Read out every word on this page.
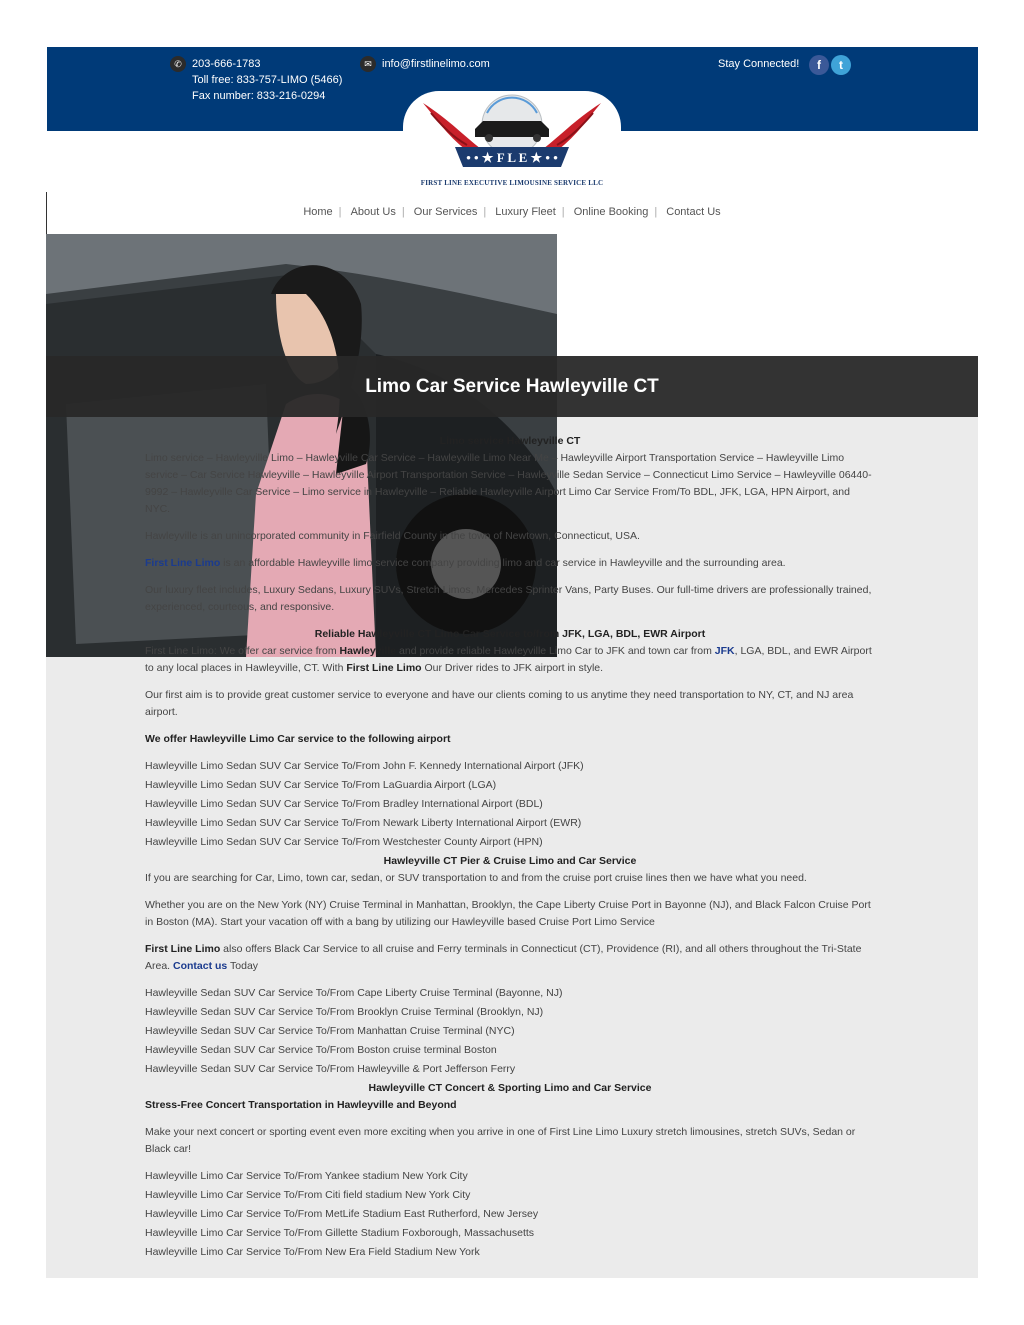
✆ 203-666-1783
Toll free: 833-757-LIMO (5466)
Fax number: 833-216-0294
✉ info@firstlinelimo.com	Stay Connected!	f	t
• • ★ F L E ★ • •
FIRST LINE EXECUTIVE LIMOUSINE SERVICE LLC
Home | About Us | Our Services | Luxury Fleet | Online Booking | Contact Us
Limo Car Service Hawleyville CT

Limo service Hawleyville CT

Limo service – Hawleyville Limo – Hawleyville Car Service – Hawleyville Limo Near Me – Hawleyville Airport Transportation Service – Hawleyville Limo service – Car Service Hawleyville – Hawleyville Airport Transportation Service – Hawleyville Sedan Service – Connecticut Limo Service – Hawleyville 06440-9992 – Hawleyville Car Service – Limo service in Hawleyville – Reliable Hawleyville Airport Limo Car Service From/To BDL, JFK, LGA, HPN Airport, and NYC.

Hawleyville is an unincorporated community in Fairfield County in the town of Newtown, Connecticut, USA.

First Line Limo is an affordable Hawleyville limo service company providing limo and car service in Hawleyville and the surrounding area.

Our luxury fleet includes, Luxury Sedans, Luxury SUVs, Stretch Limos, Mercedes Sprinter Vans, Party Buses. Our full-time drivers are professionally trained, experienced, courteous, and responsive.

Reliable Hawleyville CT Limo Car Service to/from JFK, LGA, BDL, EWR Airport

First Line Limo: We offer car service from Hawleyville and provide reliable Hawleyville Limo Car to JFK and town car from JFK, LGA, BDL, and EWR Airport to any local places in Hawleyville, CT. With First Line Limo Our Driver rides to JFK airport in style.

Our first aim is to provide great customer service to everyone and have our clients coming to us anytime they need transportation to NY, CT, and NJ area airport.

We offer Hawleyville Limo Car service to the following airport

Hawleyville Limo Sedan SUV Car Service To/From John F. Kennedy International Airport (JFK)
Hawleyville Limo Sedan SUV Car Service To/From LaGuardia Airport (LGA)
Hawleyville Limo Sedan SUV Car Service To/From Bradley International Airport (BDL)
Hawleyville Limo Sedan SUV Car Service To/From Newark Liberty International Airport (EWR)
Hawleyville Limo Sedan SUV Car Service To/From Westchester County Airport (HPN)

Hawleyville CT Pier & Cruise Limo and Car Service

If you are searching for Car, Limo, town car, sedan, or SUV transportation to and from the cruise port cruise lines then we have what you need.

Whether you are on the New York (NY) Cruise Terminal in Manhattan, Brooklyn, the Cape Liberty Cruise Port in Bayonne (NJ), and Black Falcon Cruise Port in Boston (MA). Start your vacation off with a bang by utilizing our Hawleyville based Cruise Port Limo Service

First Line Limo also offers Black Car Service to all cruise and Ferry terminals in Connecticut (CT), Providence (RI), and all others throughout the Tri-State Area. Contact us Today

Hawleyville Sedan SUV Car Service To/From Cape Liberty Cruise Terminal (Bayonne, NJ)
Hawleyville Sedan SUV Car Service To/From Brooklyn Cruise Terminal (Brooklyn, NJ)
Hawleyville Sedan SUV Car Service To/From Manhattan Cruise Terminal (NYC)
Hawleyville Sedan SUV Car Service To/From Boston cruise terminal Boston
Hawleyville Sedan SUV Car Service To/From Hawleyville & Port Jefferson Ferry

Hawleyville CT Concert & Sporting Limo and Car Service

Stress-Free Concert Transportation in Hawleyville and Beyond

Make your next concert or sporting event even more exciting when you arrive in one of First Line Limo Luxury stretch limousines, stretch SUVs, Sedan or Black car!

Hawleyville Limo Car Service To/From Yankee stadium New York City
Hawleyville Limo Car Service To/From Citi field stadium New York City
Hawleyville Limo Car Service To/From MetLife Stadium East Rutherford, New Jersey
Hawleyville Limo Car Service To/From Gillette Stadium Foxborough, Massachusetts
Hawleyville Limo Car Service To/From New Era Field Stadium New York
